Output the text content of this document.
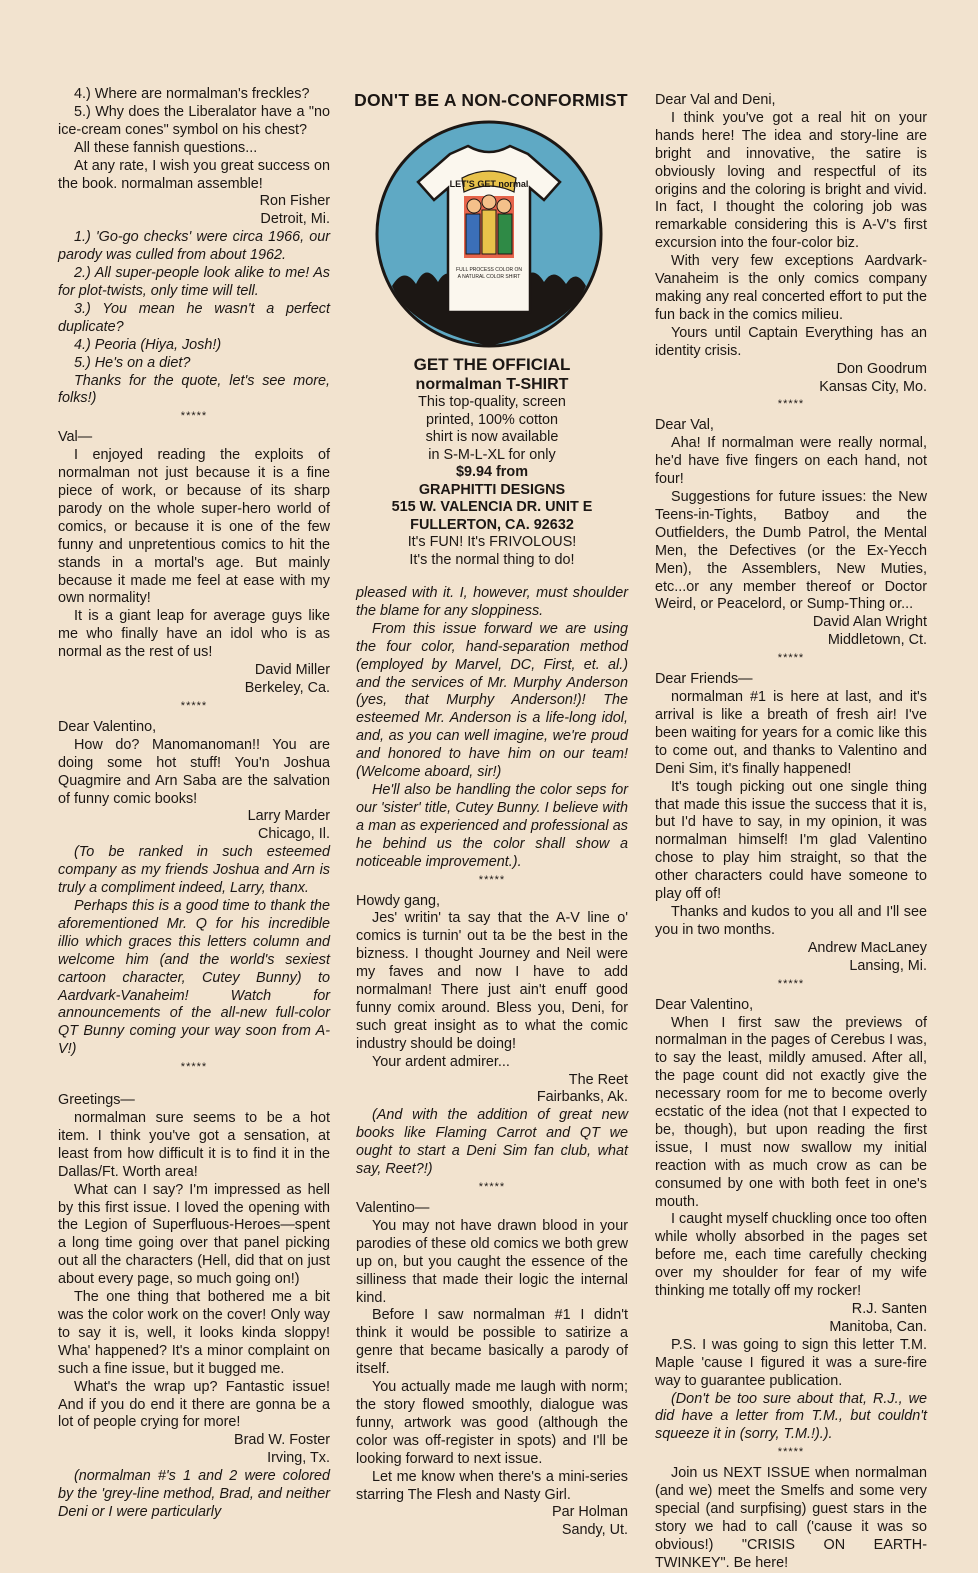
4.) Where are normalman's freckles?

5.) Why does the Liberalator have a "no ice-cream cones" symbol on his chest?

All these fannish questions...

At any rate, I wish you great success on the book. normalman assemble!

Ron Fisher

Detroit, Mi.

1.) 'Go-go checks' were circa 1966, our parody was culled from about 1962.

2.) All super-people look alike to me! As for plot-twists, only time will tell.

3.) You mean he wasn't a perfect duplicate?

4.) Peoria (Hiya, Josh!)

5.) He's on a diet?

Thanks for the quote, let's see more, folks!)

*****

Val—

I enjoyed reading the exploits of normalman not just because it is a fine piece of work, or because of its sharp parody on the whole super-hero world of comics, or because it is one of the few funny and unpretentious comics to hit the stands in a mortal's age. But mainly because it made me feel at ease with my own normality!

It is a giant leap for average guys like me who finally have an idol who is as normal as the rest of us!

David Miller

Berkeley, Ca.

*****

Dear Valentino,

How do? Manomanoman!! You are doing some hot stuff! You'n Joshua Quagmire and Arn Saba are the salvation of funny comic books!

Larry Marder

Chicago, Il.

(To be ranked in such esteemed company as my friends Joshua and Arn is truly a compliment indeed, Larry, thanx.

Perhaps this is a good time to thank the aforementioned Mr. Q for his incredible illio which graces this letters column and welcome him (and the world's sexiest cartoon character, Cutey Bunny) to Aardvark-Vanaheim! Watch for announcements of the all-new full-color QT Bunny coming your way soon from A-V!)

*****

Greetings—

normalman sure seems to be a hot item. I think you've got a sensation, at least from how difficult it is to find it in the Dallas/Ft. Worth area!

What can I say? I'm impressed as hell by this first issue. I loved the opening with the Legion of Superfluous-Heroes—spent a long time going over that panel picking out all the characters (Hell, did that on just about every page, so much going on!)

The one thing that bothered me a bit was the color work on the cover! Only way to say it is, well, it looks kinda sloppy! Wha' happened? It's a minor complaint on such a fine issue, but it bugged me.

What's the wrap up? Fantastic issue! And if you do end it there are gonna be a lot of people crying for more!

Brad W. Foster

Irving, Tx.

(normalman #'s 1 and 2 were colored by the 'grey-line method, Brad, and neither Deni or I were particularly

DON'T BE A NON-CONFORMIST
LET'S GET normal
FULL PROCESS COLOR ON
A NATURAL COLOR SHIRT
GET THE OFFICIAL
normalman T-SHIRT
This top-quality, screen
printed, 100% cotton
shirt is now available
in S-M-L-XL for only
$9.94 from
GRAPHITTI DESIGNS
515 W. VALENCIA DR. UNIT E
FULLERTON, CA. 92632
It's FUN! It's FRIVOLOUS!
It's the normal thing to do!

pleased with it. I, however, must shoulder the blame for any sloppiness.

From this issue forward we are using the four color, hand-separation method (employed by Marvel, DC, First, et. al.) and the services of Mr. Murphy Anderson (yes, that Murphy Anderson!)! The esteemed Mr. Anderson is a life-long idol, and, as you can well imagine, we're proud and honored to have him on our team! (Welcome aboard, sir!)

He'll also be handling the color seps for our 'sister' title, Cutey Bunny. I believe with a man as experienced and professional as he behind us the color shall show a noticeable improvement.).

*****

Howdy gang,

Jes' writin' ta say that the A-V line o' comics is turnin' out ta be the best in the bizness. I thought Journey and Neil were my faves and now I have to add normalman! There just ain't enuff good funny comix around. Bless you, Deni, for such great insight as to what the comic industry should be doing!

Your ardent admirer...

The Reet

Fairbanks, Ak.

(And with the addition of great new books like Flaming Carrot and QT we ought to start a Deni Sim fan club, what say, Reet?!)

*****

Valentino—

You may not have drawn blood in your parodies of these old comics we both grew up on, but you caught the essence of the silliness that made their logic the internal kind.

Before I saw normalman #1 I didn't think it would be possible to satirize a genre that became basically a parody of itself.

You actually made me laugh with norm; the story flowed smoothly, dialogue was funny, artwork was good (although the color was off-register in spots) and I'll be looking forward to next issue.

Let me know when there's a mini-series starring The Flesh and Nasty Girl.

Par Holman

Sandy, Ut.

Dear Val and Deni,

I think you've got a real hit on your hands here! The idea and story-line are bright and innovative, the satire is obviously loving and respectful of its origins and the coloring is bright and vivid. In fact, I thought the coloring job was remarkable considering this is A-V's first excursion into the four-color biz.

With very few exceptions Aardvark-Vanaheim is the only comics company making any real concerted effort to put the fun back in the comics milieu.

Yours until Captain Everything has an identity crisis.

Don Goodrum

Kansas City, Mo.

*****

Dear Val,

Aha! If normalman were really normal, he'd have five fingers on each hand, not four!

Suggestions for future issues: the New Teens-in-Tights, Batboy and the Outfielders, the Dumb Patrol, the Mental Men, the Defectives (or the Ex-Yecch Men), the Assemblers, New Muties, etc...or any member thereof or Doctor Weird, or Peacelord, or Sump-Thing or...

David Alan Wright

Middletown, Ct.

*****

Dear Friends—

normalman #1 is here at last, and it's arrival is like a breath of fresh air! I've been waiting for years for a comic like this to come out, and thanks to Valentino and Deni Sim, it's finally happened!

It's tough picking out one single thing that made this issue the success that it is, but I'd have to say, in my opinion, it was normalman himself! I'm glad Valentino chose to play him straight, so that the other characters could have someone to play off of!

Thanks and kudos to you all and I'll see you in two months.

Andrew MacLaney

Lansing, Mi.

*****

Dear Valentino,

When I first saw the previews of normalman in the pages of Cerebus I was, to say the least, mildly amused. After all, the page count did not exactly give the necessary room for me to become overly ecstatic of the idea (not that I expected to be, though), but upon reading the first issue, I must now swallow my initial reaction with as much crow as can be consumed by one with both feet in one's mouth.

I caught myself chuckling once too often while wholly absorbed in the pages set before me, each time carefully checking over my shoulder for fear of my wife thinking me totally off my rocker!

R.J. Santen

Manitoba, Can.

P.S. I was going to sign this letter T.M. Maple 'cause I figured it was a sure-fire way to guarantee publication.

(Don't be too sure about that, R.J., we did have a letter from T.M., but couldn't squeeze it in (sorry, T.M.!).).

*****

Join us NEXT ISSUE when normalman (and we) meet the Smelfs and some very special (and surpfising) guest stars in the story we had to call ('cause it was so obvious!) "CRISIS ON EARTH-TWINKEY". Be here!
